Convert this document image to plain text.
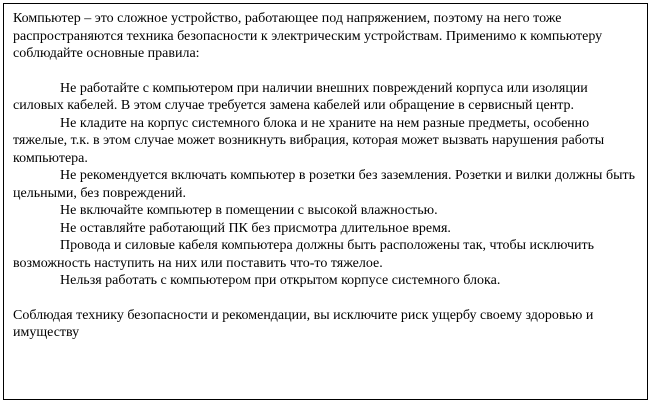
Компьютер – это сложное устройство, работающее под напряжением, поэтому на него тоже распространяются техника безопасности к электрическим устройствам. Применимо к компьютеру соблюдайте основные правила:

Не работайте с компьютером при наличии внешних повреждений корпуса или изоляции силовых кабелей. В этом случае требуется замена кабелей или обращение в сервисный центр.
Не кладите на корпус системного блока и не храните на нем разные предметы, особенно тяжелые, т.к. в этом случае может возникнуть вибрация, которая может вызвать нарушения работы компьютера.
Не рекомендуется включать компьютер в розетки без заземления. Розетки и вилки должны быть цельными, без повреждений.
Не включайте компьютер в помещении с высокой влажностью.
Не оставляйте работающий ПК без присмотра длительное время.
Провода и силовые кабеля компьютера должны быть расположены так, чтобы исключить возможность наступить на них или поставить что-то тяжелое.
Нельзя работать с компьютером при открытом корпусе системного блока.

Соблюдая технику безопасности и рекомендации, вы исключите риск ущербу своему здоровью и имуществу
